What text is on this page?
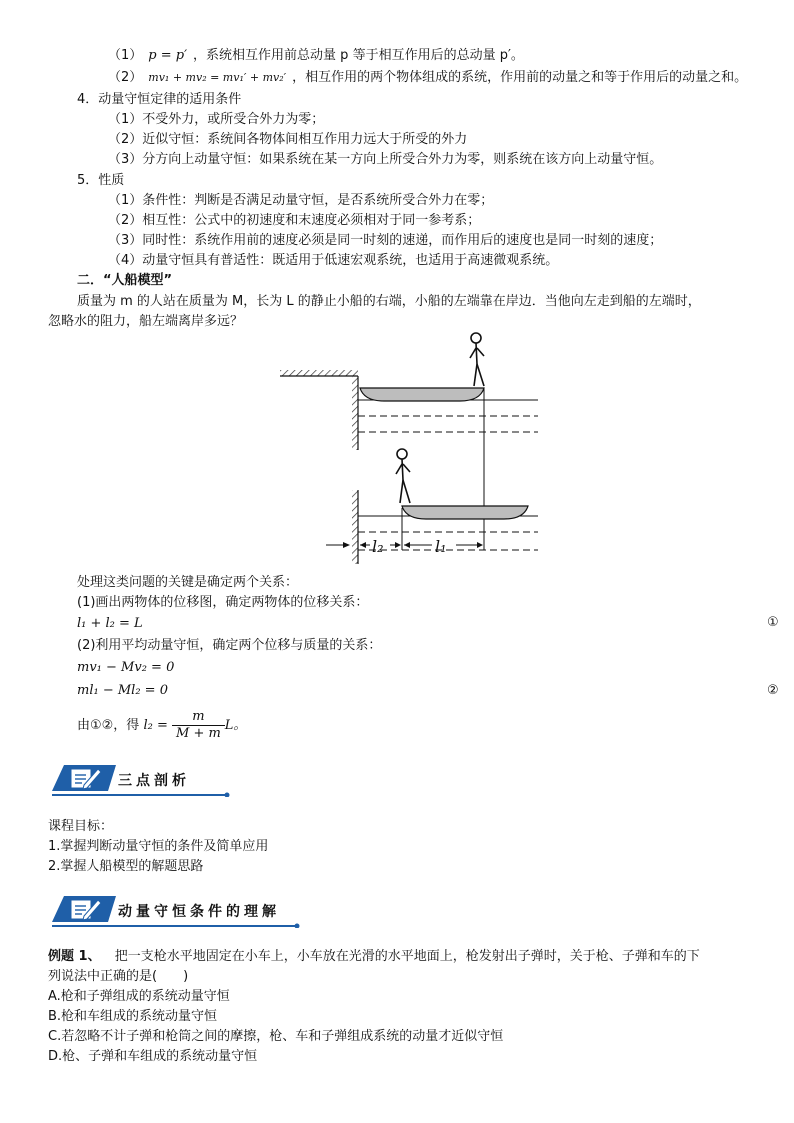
（1） p = p′ ，系统相互作用前总动量 p 等于相互作用后的总动量 p′。
（2） mv₁ + mv₂ = mv₁′ + mv₂′ ，相互作用的两个物体组成的系统，作用前的动量之和等于作用后的动量之和。
4．动量守恒定律的适用条件
（1）不受外力，或所受合外力为零；
（2）近似守恒：系统间各物体间相互作用力远大于所受的外力
（3）分方向上动量守恒：如果系统在某一方向上所受合外力为零，则系统在该方向上动量守恒。
5．性质
（1）条件性：判断是否满足动量守恒，是否系统所受合外力在零；
（2）相互性：公式中的初速度和末速度必须相对于同一参考系；
（3）同时性：系统作用前的速度必须是同一时刻的速递，而作用后的速度也是同一时刻的速度；
（4）动量守恒具有普适性：既适用于低速宏观系统，也适用于高速微观系统。
二．“人船模型”
质量为 m 的人站在质量为 M，长为 L 的静止小船的右端，小船的左端靠在岸边．当他向左走到船的左端时，
忽略水的阻力，船左端离岸多远？
l₂	l₁
处理这类问题的关键是确定两个关系：
(1)画出两物体的位移图，确定两物体的位移关系：
l₁ + l₂ = L	①
(2)利用平均动量守恒，确定两个位移与质量的关系：
mv₁ − Mv₂ = 0
ml₁ − Ml₂ = 0	②
由①②，得 $l_2 = \frac{m}{M + m}$ L。
三点剖析
课程目标：
1.掌握判断动量守恒的条件及简单应用
2.掌握人船模型的解题思路
动量守恒条件的理解
例题 1、 把一支枪水平地固定在小车上，小车放在光滑的水平地面上，枪发射出子弹时，关于枪、子弹和车的下
列说法中正确的是(　　)
A.枪和子弹组成的系统动量守恒
B.枪和车组成的系统动量守恒
C.若忽略不计子弹和枪筒之间的摩擦，枪、车和子弹组成系统的动量才近似守恒
D.枪、子弹和车组成的系统动量守恒
